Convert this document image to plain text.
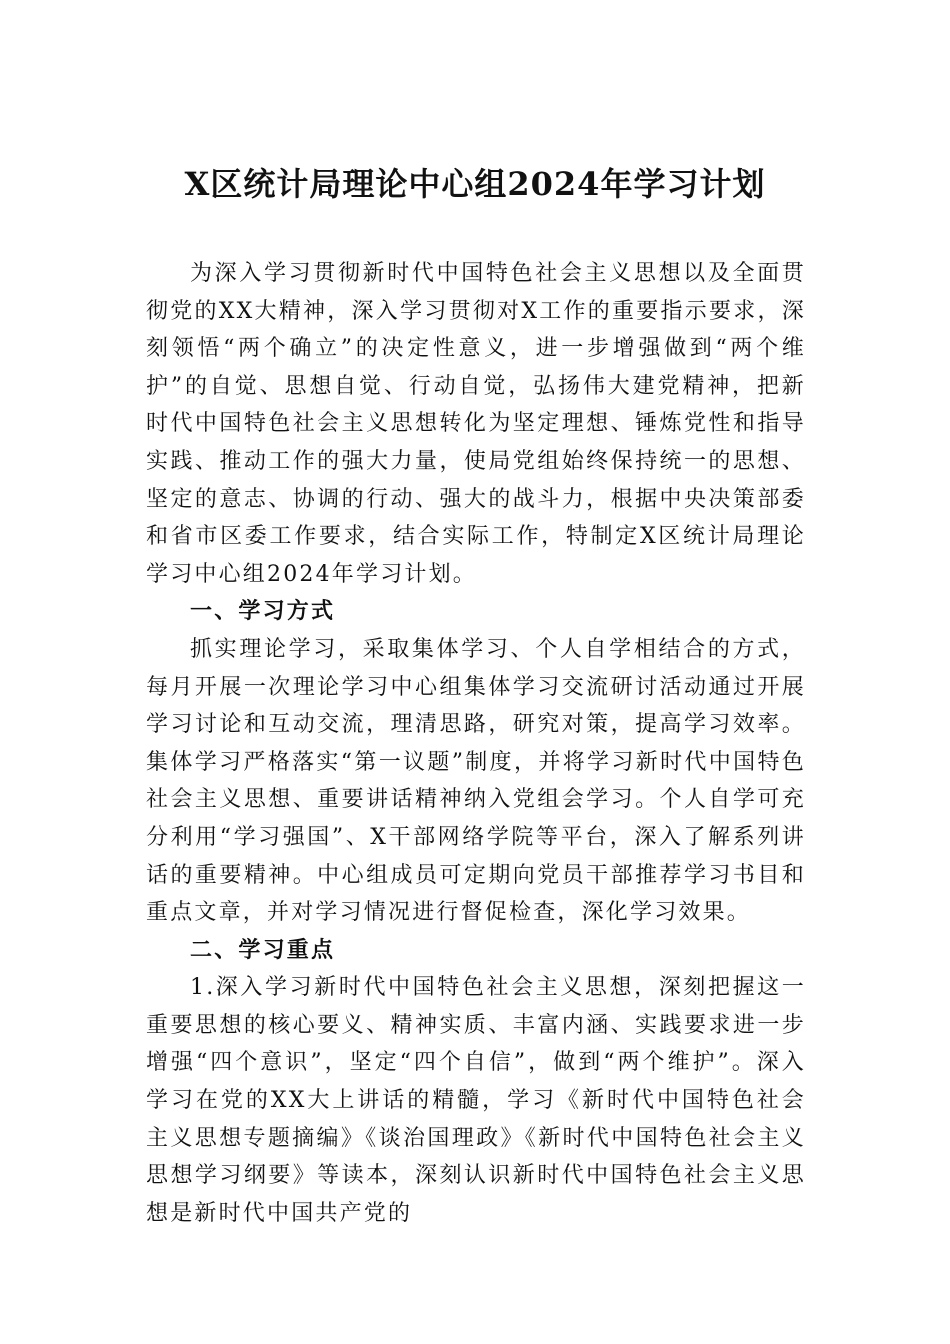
X区统计局理论中心组2024年学习计划

为深入学习贯彻新时代中国特色社会主义思想以及全面贯彻党的XX大精神，深入学习贯彻对X工作的重要指示要求，深刻领悟“两个确立”的决定性意义，进一步增强做到“两个维护”的自觉、思想自觉、行动自觉，弘扬伟大建党精神，把新时代中国特色社会主义思想转化为坚定理想、锤炼党性和指导实践、推动工作的强大力量，使局党组始终保持统一的思想、坚定的意志、协调的行动、强大的战斗力，根据中央决策部委和省市区委工作要求，结合实际工作，特制定X区统计局理论学习中心组2024年学习计划。

一、学习方式

抓实理论学习，采取集体学习、个人自学相结合的方式，每月开展一次理论学习中心组集体学习交流研讨活动通过开展学习讨论和互动交流，理清思路，研究对策，提高学习效率。集体学习严格落实“第一议题”制度，并将学习新时代中国特色社会主义思想、重要讲话精神纳入党组会学习。个人自学可充分利用“学习强国”、X干部网络学院等平台，深入了解系列讲话的重要精神。中心组成员可定期向党员干部推荐学习书目和重点文章，并对学习情况进行督促检查，深化学习效果。

二、学习重点

1.深入学习新时代中国特色社会主义思想，深刻把握这一重要思想的核心要义、精神实质、丰富内涵、实践要求进一步增强“四个意识”，坚定“四个自信”，做到“两个维护”。深入学习在党的XX大上讲话的精髓，学习《新时代中国特色社会主义思想专题摘编》《谈治国理政》《新时代中国特色社会主义思想学习纲要》等读本，深刻认识新时代中国特色社会主义思想是新时代中国共产党的
